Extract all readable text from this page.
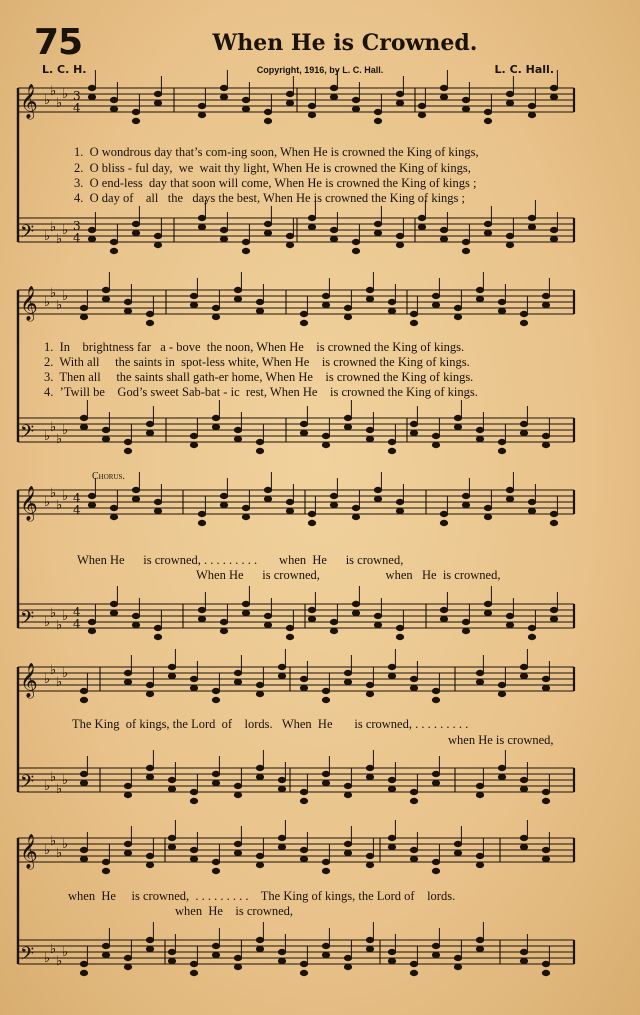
75	When He is Crowned.
L. C. H.	Copyright, 1916, by L. C. Hall.	L. C. Hall.
𝄞 ♭
♭
♭
♭ 3
4
𝄢 ♭
♭
♭
♭ 3
4
𝄞 ♭
♭
♭
♭
𝄢 ♭
♭
♭
♭
𝄞 ♭
♭
♭
♭ 4
4
𝄢 ♭
♭
♭
♭ 4
4
𝄞 ♭
♭
♭
♭
𝄢 ♭
♭
♭
♭
𝄞 ♭
♭
♭
♭
𝄢 ♭
♭
♭
♭
1.  O wondrous day that’s com-ing soon, When He is crowned the King of kings,
2.  O bliss - ful day,  we  wait thy light, When He is crowned the King of kings,
3.  O end-less  day that soon will come, When He is crowned the King of kings ;
4.  O day of    all   the   days the best, When He is crowned the King of kings ;
1.  In    brightness far   a - bove  the noon, When He    is crowned the King of kings.
2.  With all     the saints in  spot-less white, When He    is crowned the King of kings.
3.  Then all     the saints shall gath-er home, When He    is crowned the King of kings.
4.  ’Twill be    God’s sweet Sab-bat - ic  rest, When He    is crowned the King of kings.
Chorus.
When He      is crowned, . . . . . . . . .       when  He      is crowned,
When He      is crowned,                     when   He  is crowned,
The King  of kings, the Lord  of    lords.   When  He       is crowned, . . . . . . . . .
when He is crowned,
when  He     is crowned,  . . . . . . . . .    The King of kings, the Lord of    lords.
when  He    is crowned,
